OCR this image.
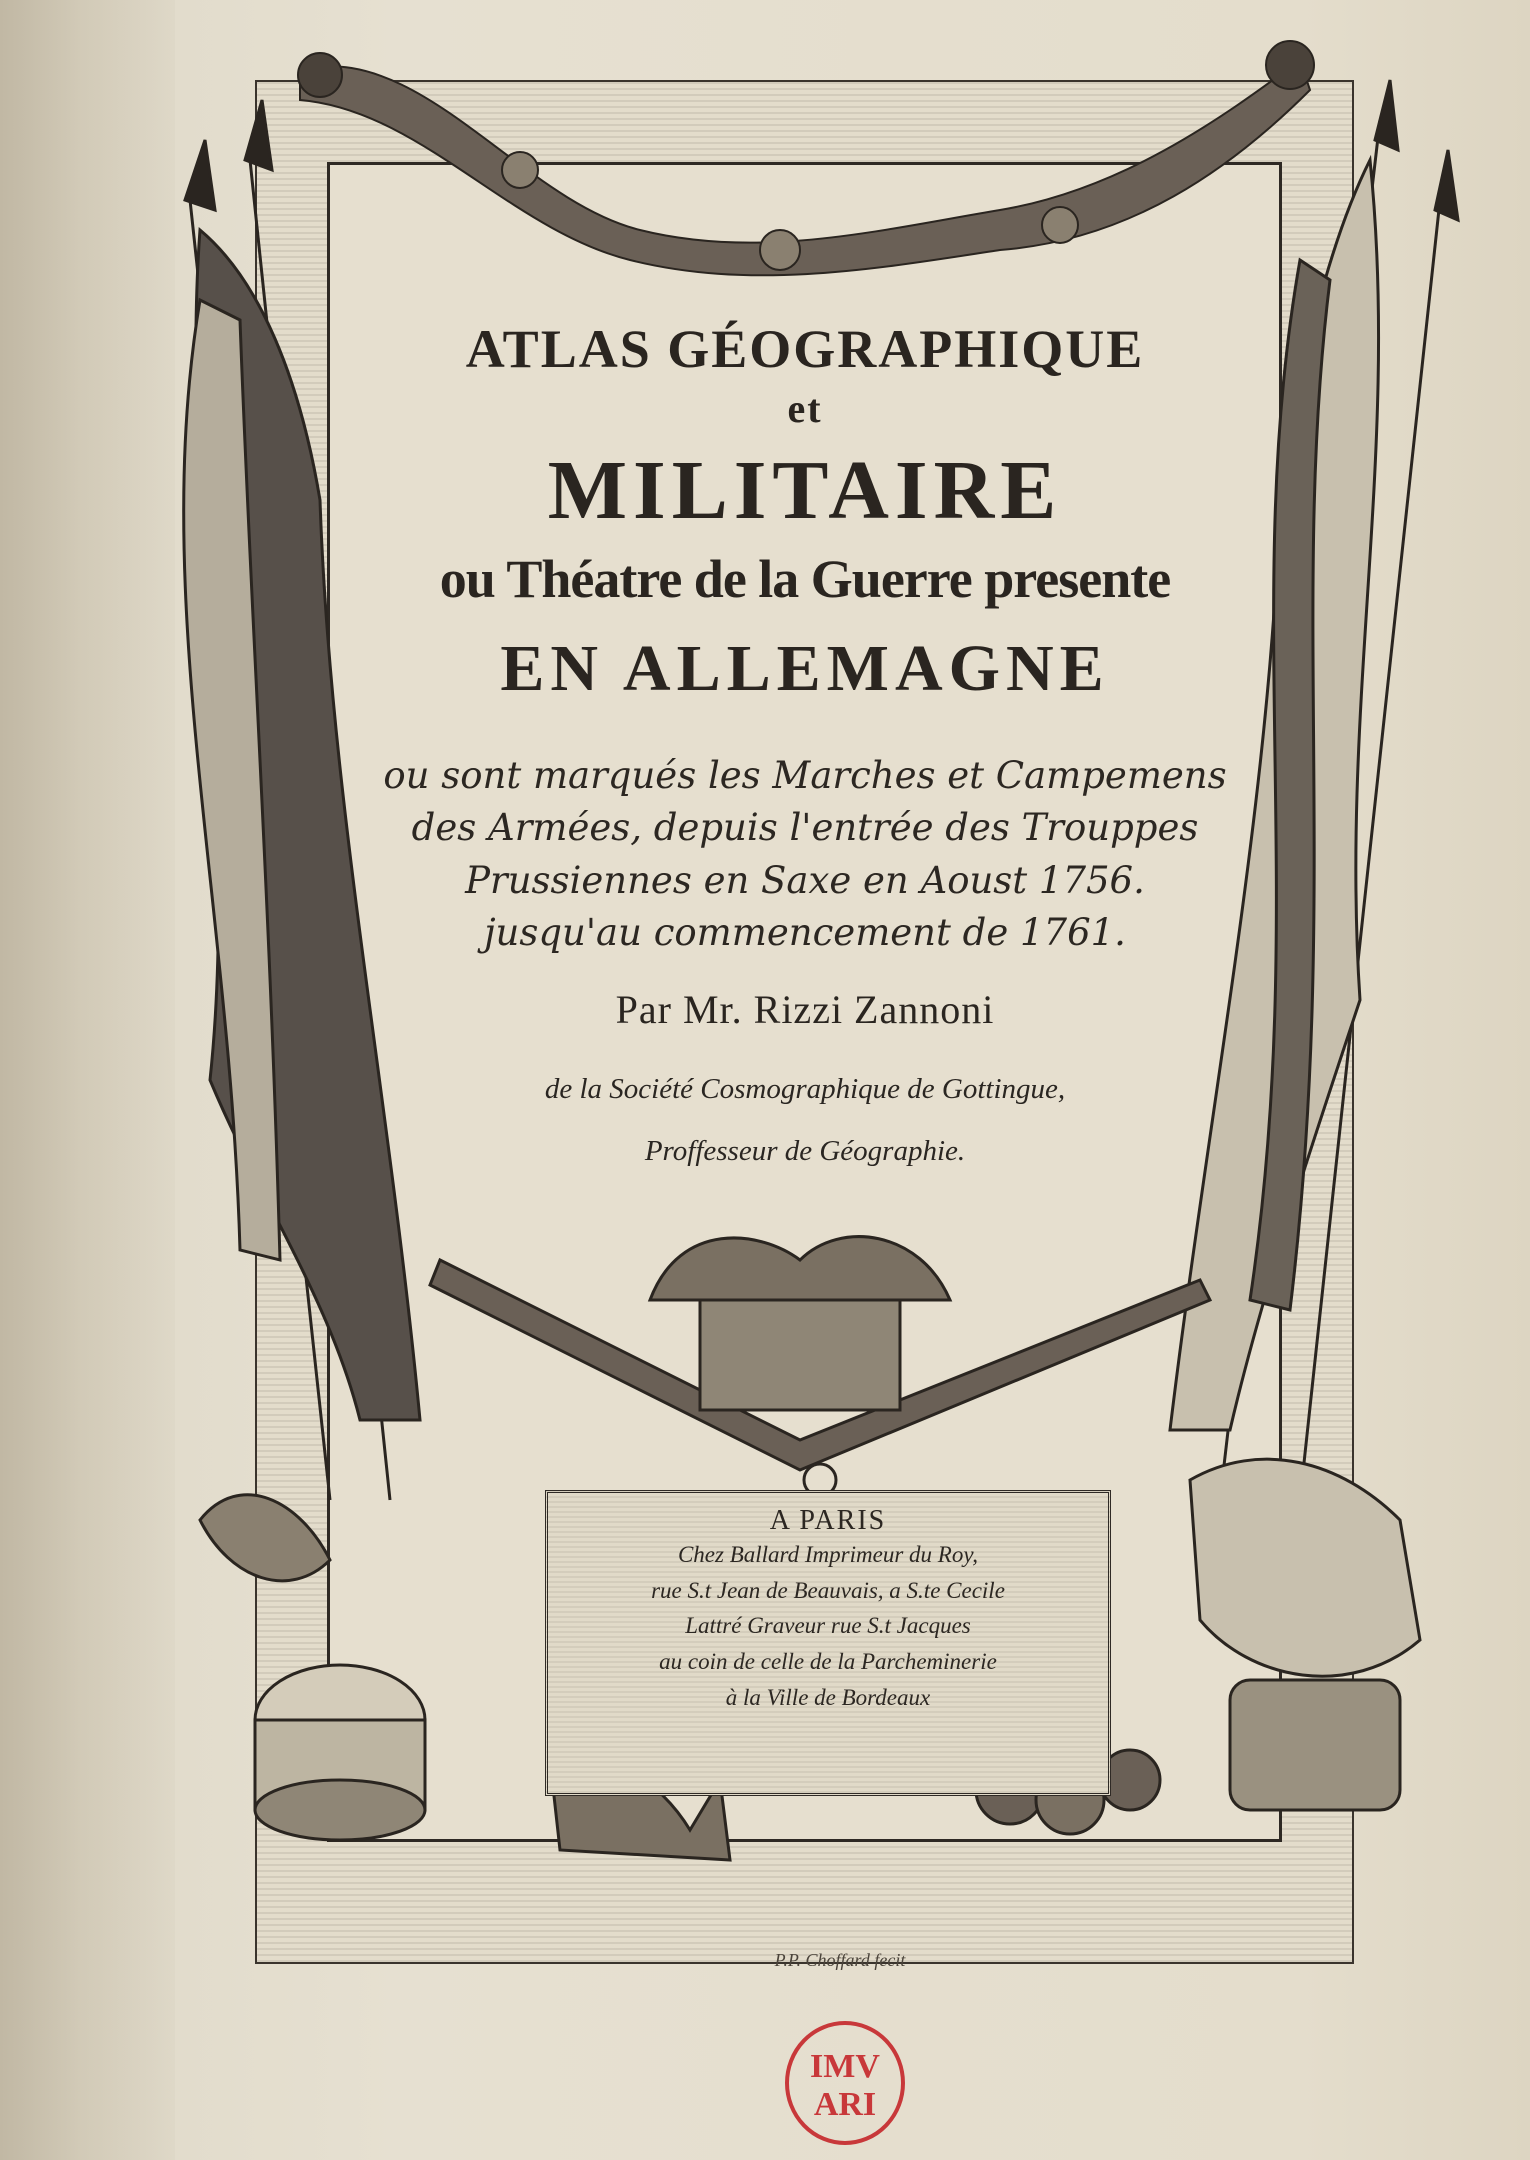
ATLAS GÉOGRAPHIQUE

et

MILITAIRE

ou Théatre de la Guerre presente

EN ALLEMAGNE

ou sont marqués les Marches et Campemens

des Armées, depuis l'entrée des Trouppes

Prussiennes en Saxe en Aoust 1756.

jusqu'au commencement de 1761.

Par Mr. Rizzi Zannoni

de la Société Cosmographique de Gottingue,

Proffesseur de Géographie.

A PARIS
Chez Ballard Imprimeur du Roy,
rue S.t Jean de Beauvais, a S.te Cecile
Lattré Graveur rue S.t Jacques
au coin de celle de la Parcheminerie
à la Ville de Bordeaux
P.P. Choffard fecit
IMV
ARI
